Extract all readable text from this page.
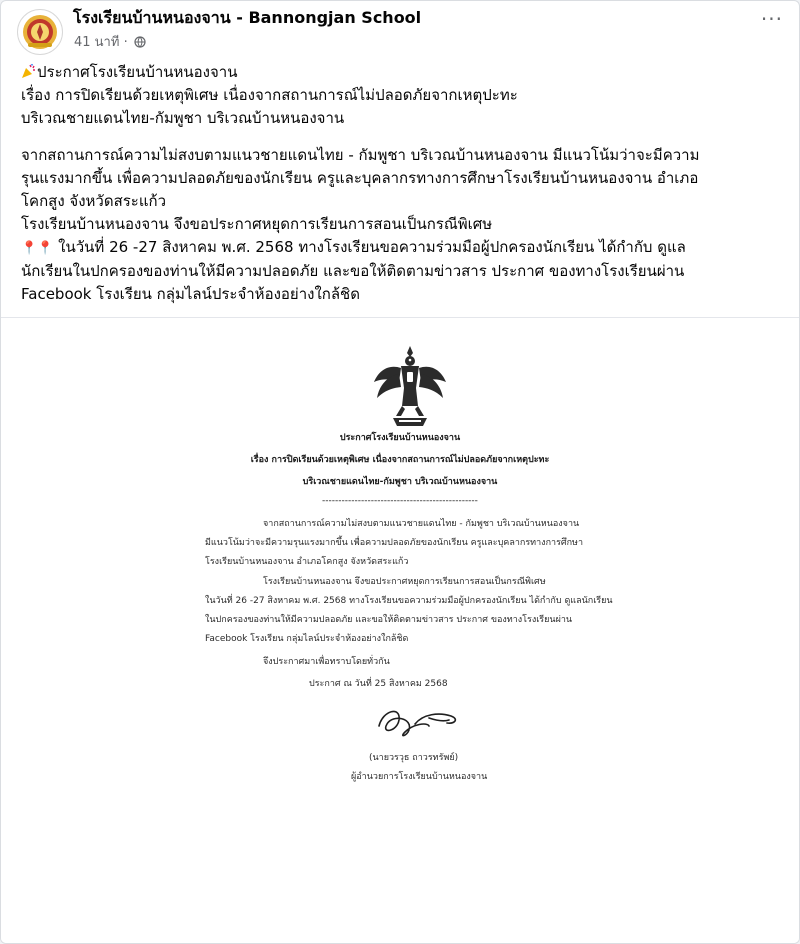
โรงเรียนบ้านหนองจาน - Bannongjan School
41 นาที ·
···

ประกาศโรงเรียนบ้านหนองจาน

เรื่อง การปิดเรียนด้วยเหตุพิเศษ เนื่องจากสถานการณ์ไม่ปลอดภัยจากเหตุปะทะ

บริเวณชายแดนไทย-กัมพูชา บริเวณบ้านหนองจาน

จากสถานการณ์ความไม่สงบตามแนวชายแดนไทย - กัมพูชา บริเวณบ้านหนองจาน มีแนวโน้มว่าจะมีความ

รุนแรงมากขึ้น เพื่อความปลอดภัยของนักเรียน ครูและบุคลากรทางการศึกษาโรงเรียนบ้านหนองจาน อำเภอ

โคกสูง จังหวัดสระแก้ว

โรงเรียนบ้านหนองจาน จึงขอประกาศหยุดการเรียนการสอนเป็นกรณีพิเศษ

📍📍 ในวันที่ 26 -27 สิงหาคม พ.ศ. 2568 ทางโรงเรียนขอความร่วมมือผู้ปกครองนักเรียน ได้กำกับ ดูแล

นักเรียนในปกครองของท่านให้มีความปลอดภัย และขอให้ติดตามข่าวสาร ประกาศ ของทางโรงเรียนผ่าน

Facebook โรงเรียน กลุ่มไลน์ประจำห้องอย่างใกล้ชิด

ประกาศโรงเรียนบ้านหนองจาน
เรื่อง การปิดเรียนด้วยเหตุพิเศษ เนื่องจากสถานการณ์ไม่ปลอดภัยจากเหตุปะทะ
บริเวณชายแดนไทย-กัมพูชา บริเวณบ้านหนองจาน
------------------------------------------------
จากสถานการณ์ความไม่สงบตามแนวชายแดนไทย - กัมพูชา บริเวณบ้านหนองจาน
มีแนวโน้มว่าจะมีความรุนแรงมากขึ้น เพื่อความปลอดภัยของนักเรียน ครูและบุคลากรทางการศึกษา
โรงเรียนบ้านหนองจาน อำเภอโคกสูง จังหวัดสระแก้ว
โรงเรียนบ้านหนองจาน จึงขอประกาศหยุดการเรียนการสอนเป็นกรณีพิเศษ
ในวันที่ 26 -27 สิงหาคม พ.ศ. 2568 ทางโรงเรียนขอความร่วมมือผู้ปกครองนักเรียน ได้กำกับ ดูแลนักเรียน
ในปกครองของท่านให้มีความปลอดภัย และขอให้ติดตามข่าวสาร ประกาศ ของทางโรงเรียนผ่าน
Facebook โรงเรียน กลุ่มไลน์ประจำห้องอย่างใกล้ชิด
จึงประกาศมาเพื่อทราบโดยทั่วกัน
ประกาศ ณ วันที่ 25 สิงหาคม 2568
(นายวรวุธ ถาวรทรัพย์)
ผู้อำนวยการโรงเรียนบ้านหนองจาน
